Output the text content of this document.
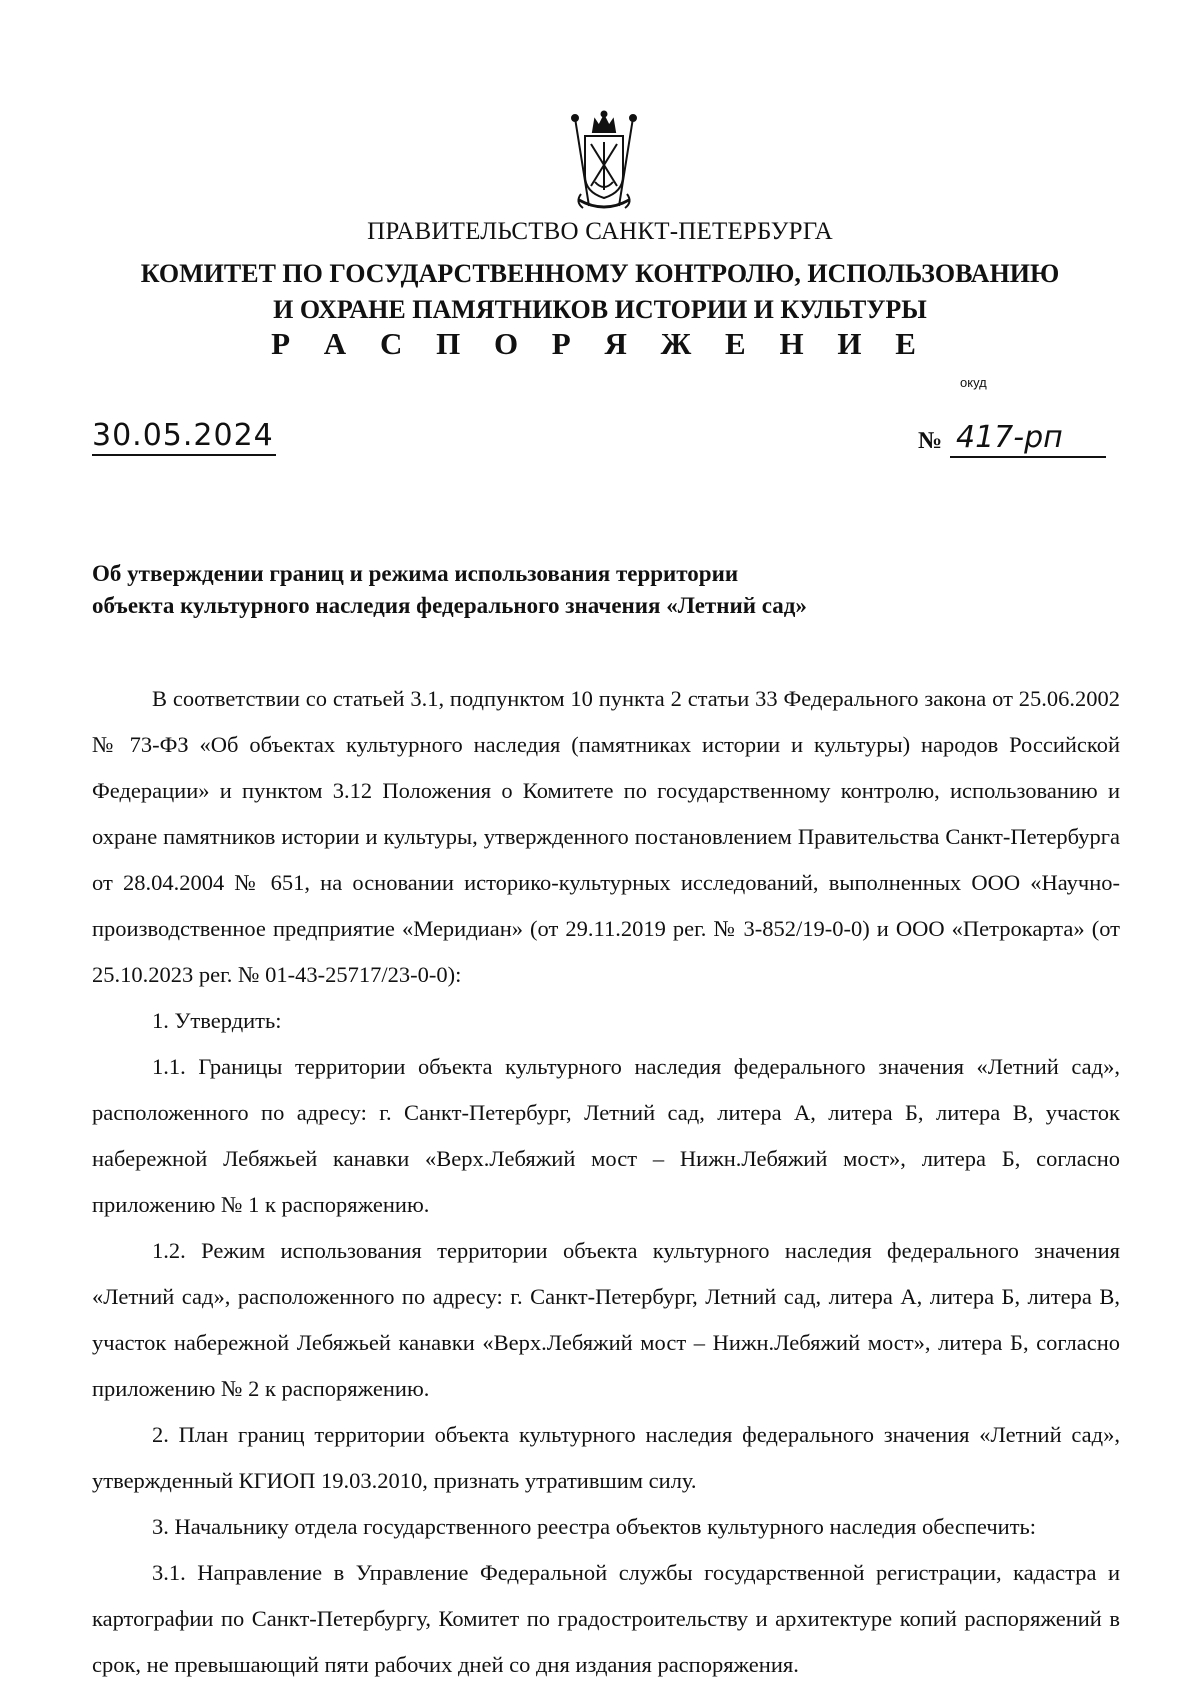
ПРАВИТЕЛЬСТВО САНКТ-ПЕТЕРБУРГА
КОМИТЕТ ПО ГОСУДАРСТВЕННОМУ КОНТРОЛЮ, ИСПОЛЬЗОВАНИЮ
И ОХРАНЕ ПАМЯТНИКОВ ИСТОРИИ И КУЛЬТУРЫ
Р А С П О Р Я Ж Е Н И Е
окуд
30.05.2024	№ 417-рп
Об утверждении границ и режима использования территории
объекта культурного наследия федерального значения «Летний сад»

В соответствии со статьей 3.1, подпунктом 10 пункта 2 статьи 33 Федерального закона от 25.06.2002 № 73-ФЗ «Об объектах культурного наследия (памятниках истории и культуры) народов Российской Федерации» и пунктом 3.12 Положения о Комитете по государственному контролю, использованию и охране памятников истории и культуры, утвержденного постановлением Правительства Санкт-Петербурга от 28.04.2004 № 651, на основании историко-культурных исследований, выполненных ООО «Научно-производственное предприятие «Меридиан» (от 29.11.2019 рег. № 3-852/19-0-0) и ООО «Петрокарта» (от 25.10.2023 рег. № 01-43-25717/23-0-0):

1. Утвердить:

1.1. Границы территории объекта культурного наследия федерального значения «Летний сад», расположенного по адресу: г. Санкт-Петербург, Летний сад, литера А, литера Б, литера В, участок набережной Лебяжьей канавки «Верх.Лебяжий мост – Нижн.Лебяжий мост», литера Б, согласно приложению № 1 к распоряжению.

1.2. Режим использования территории объекта культурного наследия федерального значения «Летний сад», расположенного по адресу: г. Санкт-Петербург, Летний сад, литера А, литера Б, литера В, участок набережной Лебяжьей канавки «Верх.Лебяжий мост – Нижн.Лебяжий мост», литера Б, согласно приложению № 2 к распоряжению.

2. План границ территории объекта культурного наследия федерального значения «Летний сад», утвержденный КГИОП 19.03.2010, признать утратившим силу.

3. Начальнику отдела государственного реестра объектов культурного наследия обеспечить:

3.1. Направление в Управление Федеральной службы государственной регистрации, кадастра и картографии по Санкт-Петербургу, Комитет по градостроительству и архитектуре копий распоряжений в срок, не превышающий пяти рабочих дней со дня издания распоряжения.
